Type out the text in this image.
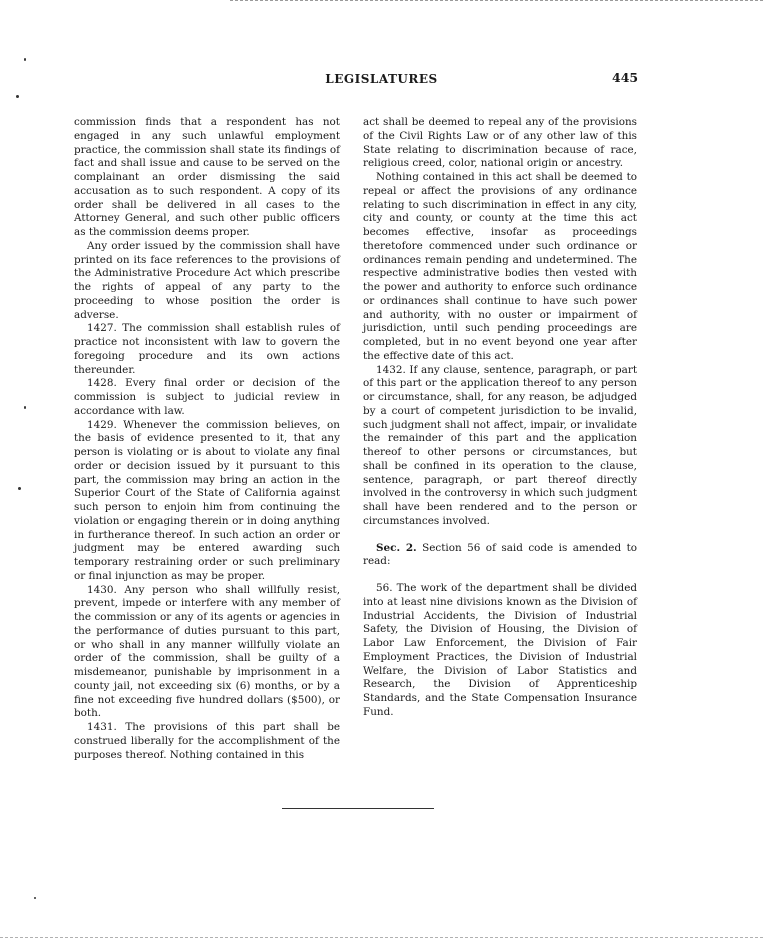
LEGISLATURES	445

commission finds that a respondent has not engaged in any such unlawful employment practice, the commission shall state its findings of fact and shall issue and cause to be served on the complainant an order dismissing the said accusation as to such respondent. A copy of its order shall be delivered in all cases to the Attorney General, and such other public officers as the commission deems proper.

Any order issued by the commission shall have printed on its face references to the provisions of the Administrative Procedure Act which prescribe the rights of appeal of any party to the proceeding to whose position the order is adverse.

1427. The commission shall establish rules of practice not inconsistent with law to govern the foregoing procedure and its own actions thereunder.

1428. Every final order or decision of the commission is subject to judicial review in accordance with law.

1429. Whenever the commission believes, on the basis of evidence presented to it, that any person is violating or is about to violate any final order or decision issued by it pursuant to this part, the commission may bring an action in the Superior Court of the State of California against such person to enjoin him from continuing the violation or engaging therein or in doing anything in furtherance thereof. In such action an order or judgment may be entered awarding such temporary restraining order or such preliminary or final injunction as may be proper.

1430. Any person who shall willfully resist, prevent, impede or interfere with any member of the commission or any of its agents or agencies in the performance of duties pursuant to this part, or who shall in any manner willfully violate an order of the commission, shall be guilty of a misdemeanor, punishable by imprisonment in a county jail, not exceeding six (6) months, or by a fine not exceeding five hundred dollars ($500), or both.

1431. The provisions of this part shall be construed liberally for the accomplishment of the purposes thereof. Nothing contained in this

act shall be deemed to repeal any of the provisions of the Civil Rights Law or of any other law of this State relating to discrimination because of race, religious creed, color, national origin or ancestry.

Nothing contained in this act shall be deemed to repeal or affect the provisions of any ordinance relating to such discrimination in effect in any city, city and county, or county at the time this act becomes effective, insofar as proceedings theretofore commenced under such ordinance or ordinances remain pending and undetermined. The respective administrative bodies then vested with the power and authority to enforce such ordinance or ordinances shall continue to have such power and authority, with no ouster or impairment of jurisdiction, until such pending proceedings are completed, but in no event beyond one year after the effective date of this act.

1432. If any clause, sentence, paragraph, or part of this part or the application thereof to any person or circumstance, shall, for any reason, be adjudged by a court of competent jurisdiction to be invalid, such judgment shall not affect, impair, or invalidate the remainder of this part and the application thereof to other persons or circumstances, but shall be confined in its operation to the clause, sentence, paragraph, or part thereof directly involved in the controversy in which such judgment shall have been rendered and to the person or circumstances involved.

Sec. 2. Section 56 of said code is amended to read:

56. The work of the department shall be divided into at least nine divisions known as the Division of Industrial Accidents, the Division of Industrial Safety, the Division of Housing, the Division of Labor Law Enforcement, the Division of Fair Employment Practices, the Division of Industrial Welfare, the Division of Labor Statistics and Research, the Division of Apprenticeship Standards, and the State Compensation Insurance Fund.
